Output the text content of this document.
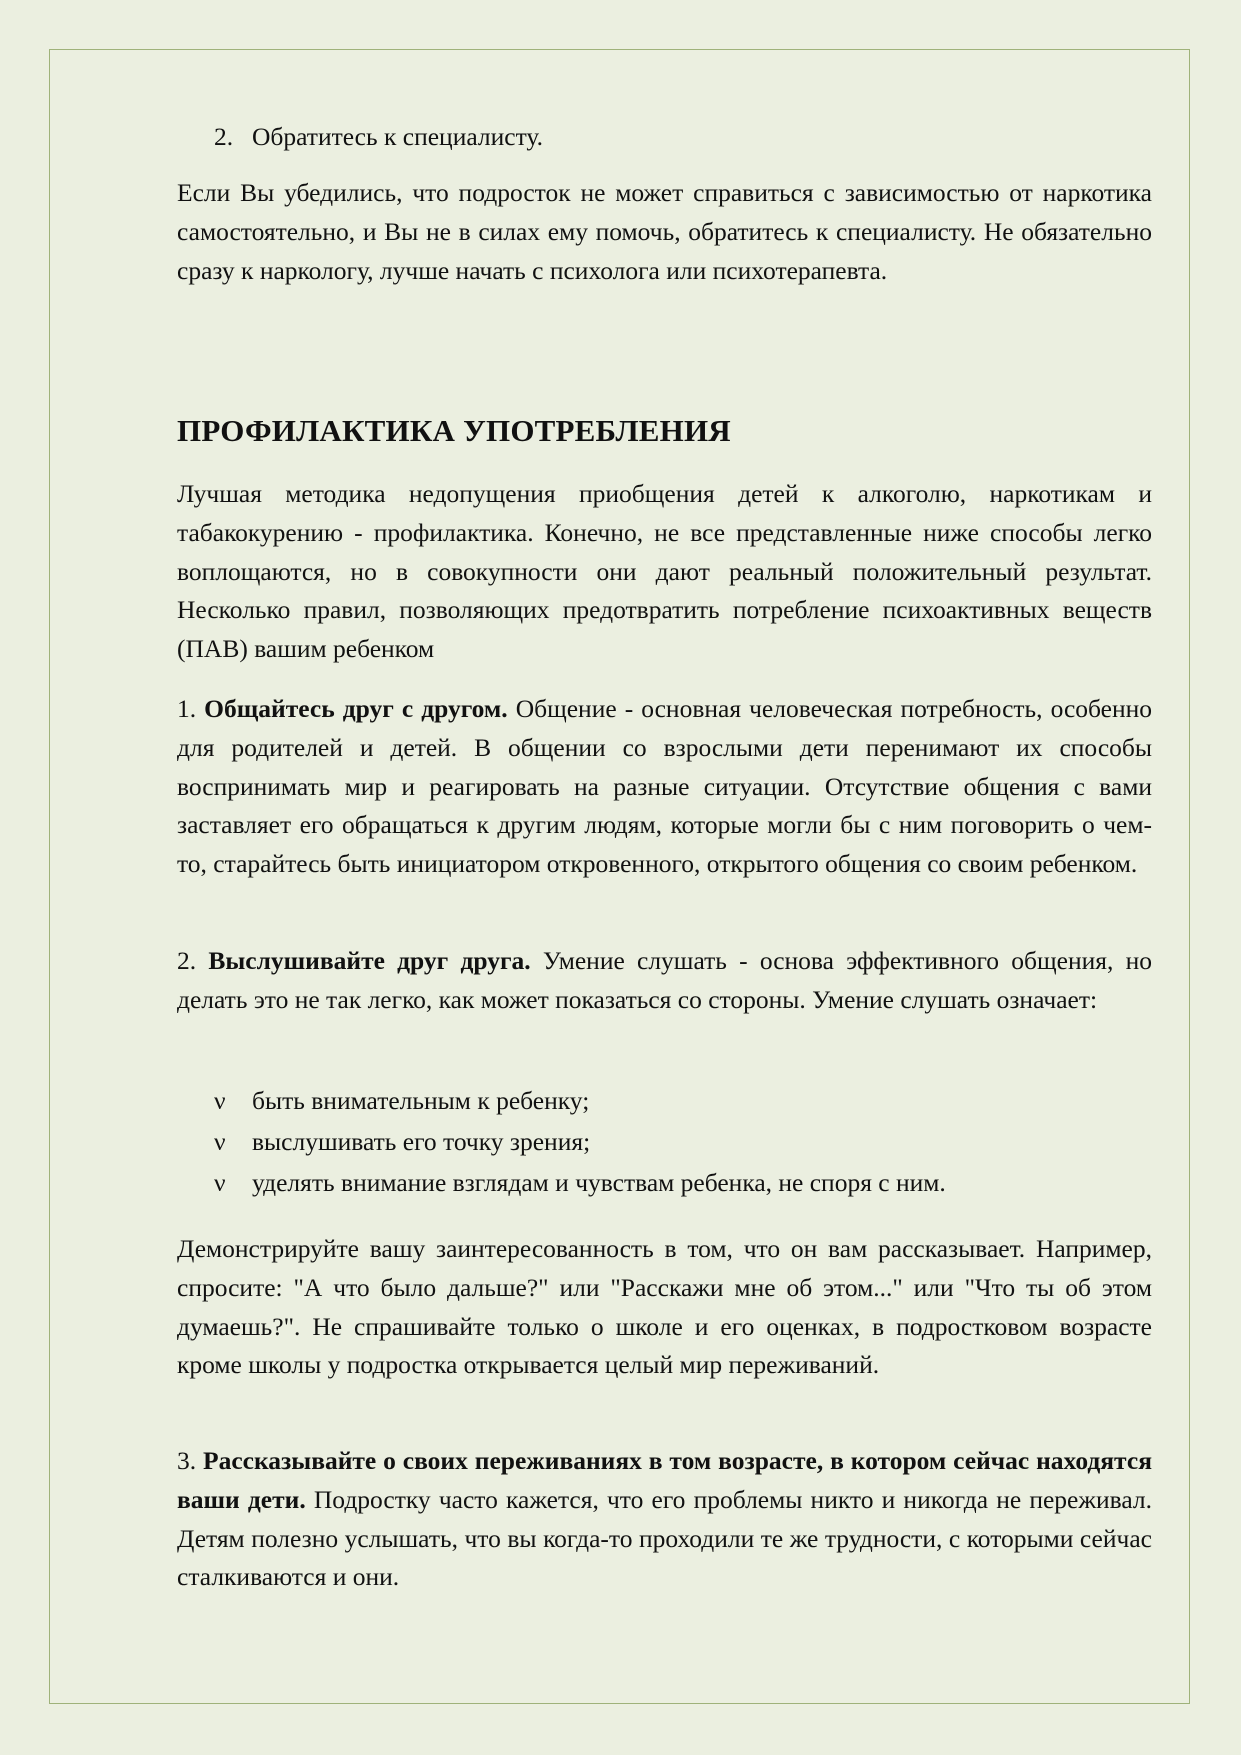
2. Обратитесь к специалисту.

Если Вы убедились, что подросток не может справиться с зависимостью от наркотика самостоятельно, и Вы не в силах ему помочь, обратитесь к специалисту. Не обязательно сразу к наркологу, лучше начать с психолога или психотерапевта.

ПРОФИЛАКТИКА УПОТРЕБЛЕНИЯ

Лучшая методика недопущения приобщения детей к алкоголю, наркотикам и табакокурению - профилактика. Конечно, не все представленные ниже способы легко воплощаются, но в совокупности они дают реальный положительный результат. Несколько правил, позволяющих предотвратить потребление психоактивных веществ (ПАВ) вашим ребенком

1. Общайтесь друг с другом. Общение - основная человеческая потребность, особенно для родителей и детей. В общении со взрослыми дети перенимают их способы воспринимать мир и реагировать на разные ситуации. Отсутствие общения с вами заставляет его обращаться к другим людям, которые могли бы с ним поговорить о чем-то, старайтесь быть инициатором откровенного, открытого общения со своим ребенком.

2. Выслушивайте друг друга. Умение слушать - основа эффективного общения, но делать это не так легко, как может показаться со стороны. Умение слушать означает:

ν быть внимательным к ребенку;
ν выслушивать его точку зрения;
ν уделять внимание взглядам и чувствам ребенка, не споря с ним.

Демонстрируйте вашу заинтересованность в том, что он вам рассказывает. Например, спросите: "А что было дальше?" или "Расскажи мне об этом..." или "Что ты об этом думаешь?". Не спрашивайте только о школе и его оценках, в подростковом возрасте кроме школы у подростка открывается целый мир переживаний.

3. Рассказывайте о своих переживаниях в том возрасте, в котором сейчас находятся ваши дети. Подростку часто кажется, что его проблемы никто и никогда не переживал. Детям полезно услышать, что вы когда-то проходили те же трудности, с которыми сейчас сталкиваются и они.
